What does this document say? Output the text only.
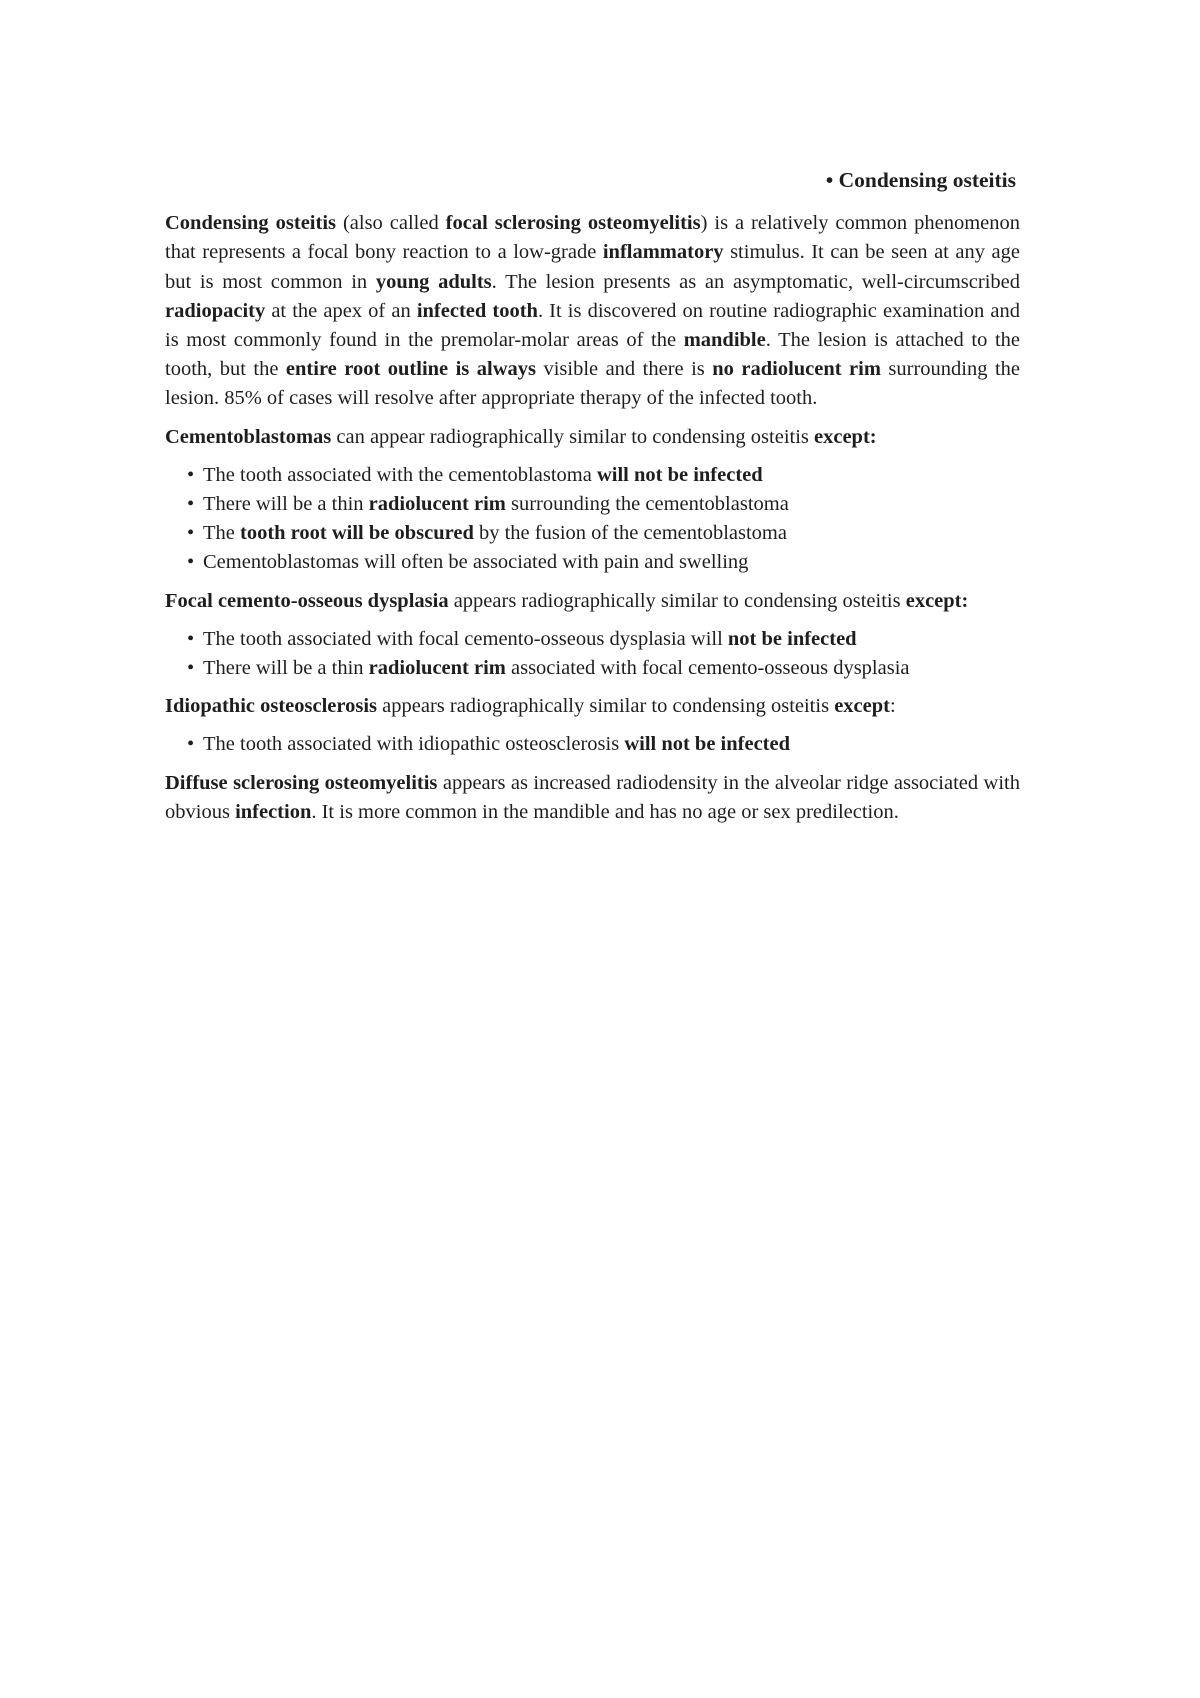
• Condensing osteitis

Condensing osteitis (also called focal sclerosing osteomyelitis) is a relatively common phenomenon that represents a focal bony reaction to a low-grade inflammatory stimulus. It can be seen at any age but is most common in young adults. The lesion presents as an asymptomatic, well-circumscribed radiopacity at the apex of an infected tooth. It is discovered on routine radiographic examination and is most commonly found in the premolar-molar areas of the mandible. The lesion is attached to the tooth, but the entire root outline is always visible and there is no radiolucent rim surrounding the lesion. 85% of cases will resolve after appropriate therapy of the infected tooth.

Cementoblastomas can appear radiographically similar to condensing osteitis except:

• The tooth associated with the cementoblastoma will not be infected
• There will be a thin radiolucent rim surrounding the cementoblastoma
• The tooth root will be obscured by the fusion of the cementoblastoma
• Cementoblastomas will often be associated with pain and swelling

Focal cemento-osseous dysplasia appears radiographically similar to condensing osteitis except:

• The tooth associated with focal cemento-osseous dysplasia will not be infected
• There will be a thin radiolucent rim associated with focal cemento-osseous dysplasia

Idiopathic osteosclerosis appears radiographically similar to condensing osteitis except:

• The tooth associated with idiopathic osteosclerosis will not be infected

Diffuse sclerosing osteomyelitis appears as increased radiodensity in the alveolar ridge associated with obvious infection. It is more common in the mandible and has no age or sex predilection.
